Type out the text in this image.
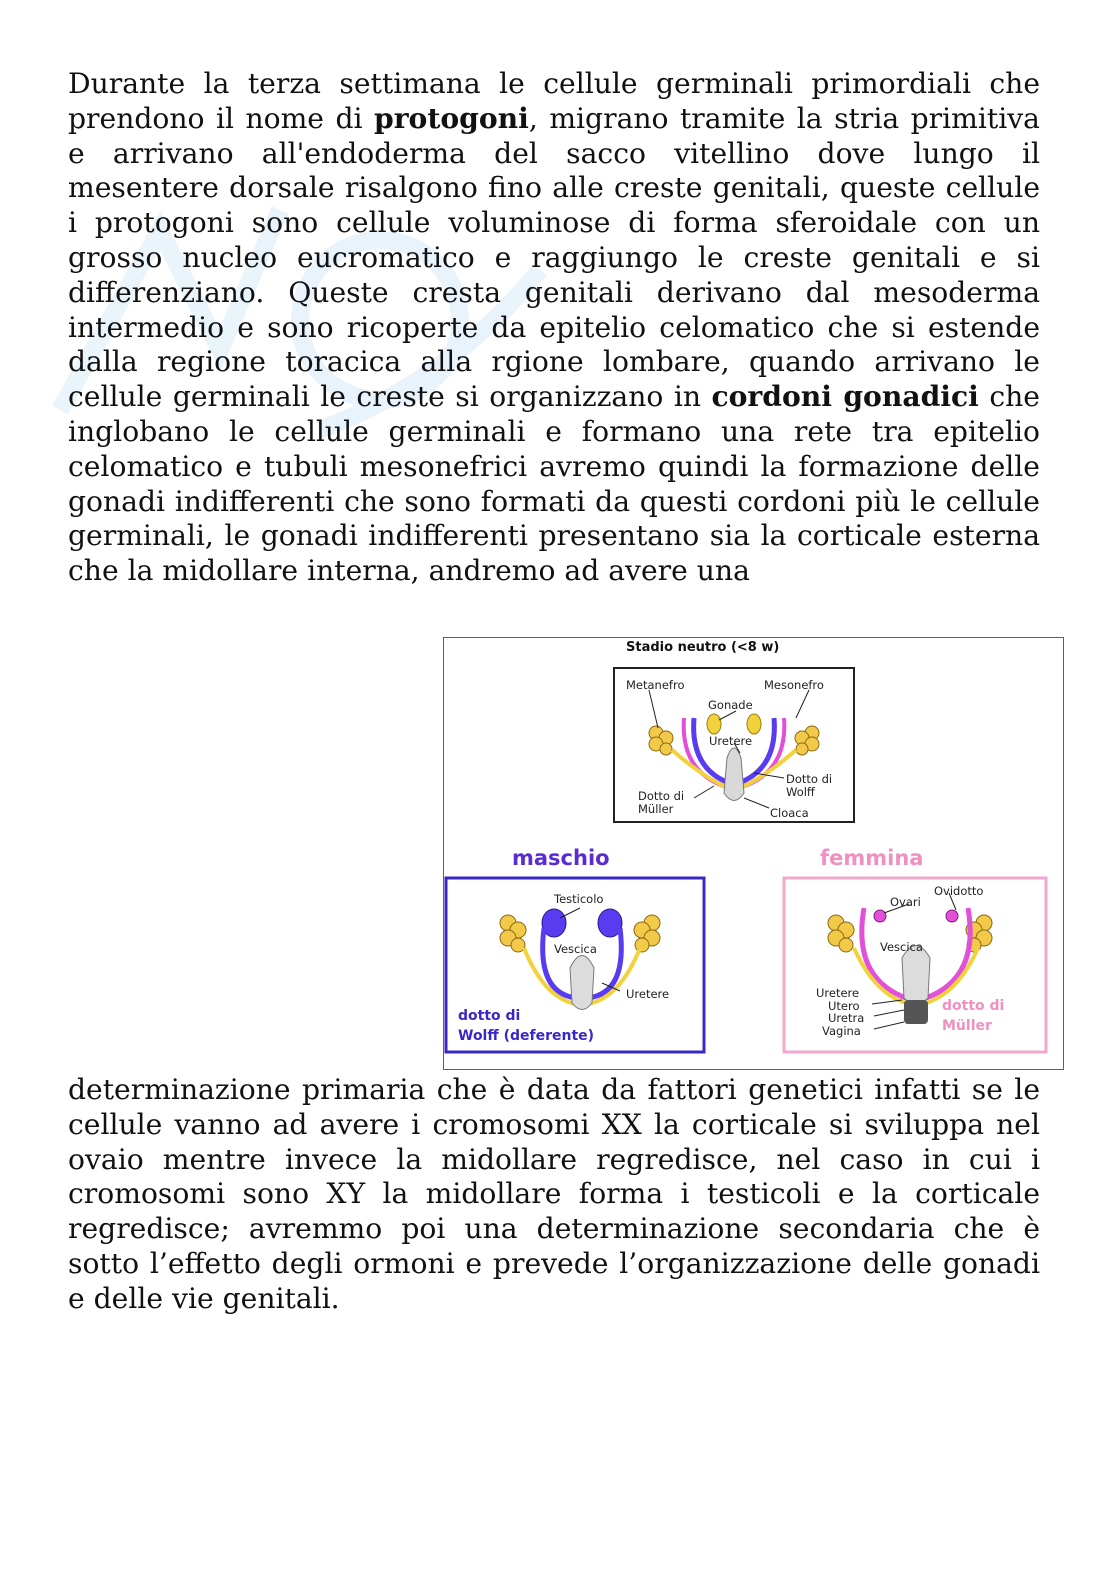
Durante la terza settimana le cellule germinali primordiali che prendono il nome di protogoni, migrano tramite la stria primitiva e arrivano all'endoderma del sacco vitellino dove lungo il mesentere dorsale risalgono fino alle creste genitali, queste cellule i protogoni sono cellule voluminose di forma sferoidale con un grosso nucleo eucromatico e raggiungo le creste genitali e si differenziano. Queste cresta genitali derivano dal mesoderma intermedio e sono ricoperte da epitelio celomatico che si estende dalla regione toracica alla rgione lombare, quando arrivano le cellule germinali le creste si organizzano in cordoni gonadici che inglobano le cellule germinali e formano una rete tra epitelio celomatico e tubuli mesonefrici avremo quindi la formazione delle gonadi indifferenti che sono formati da questi cordoni più le cellule germinali, le gonadi indifferenti presentano sia la corticale esterna che la midollare interna, andremo ad avere una

Stadio neutro (<8 w)
Metanefro	Mesonefro
Gonade
Uretere
Dotto di Wolff
Dotto di Müller	Cloaca
maschio	femmina
Testicolo
Vescica
Uretere
dotto di
Wolff (deferente)
Ovidotto
Ovari
Vescica
Uretere
Utero
Uretra
Vagina
dotto di
Müller

determinazione primaria che è data da fattori genetici infatti se le cellule vanno ad avere i cromosomi XX la corticale si sviluppa nel ovaio mentre invece la midollare regredisce, nel caso in cui i cromosomi sono XY la midollare forma i testicoli e la corticale regredisce; avremmo poi una determinazione secondaria che è sotto l’effetto degli ormoni e prevede l’organizzazione delle gonadi e delle vie genitali.
